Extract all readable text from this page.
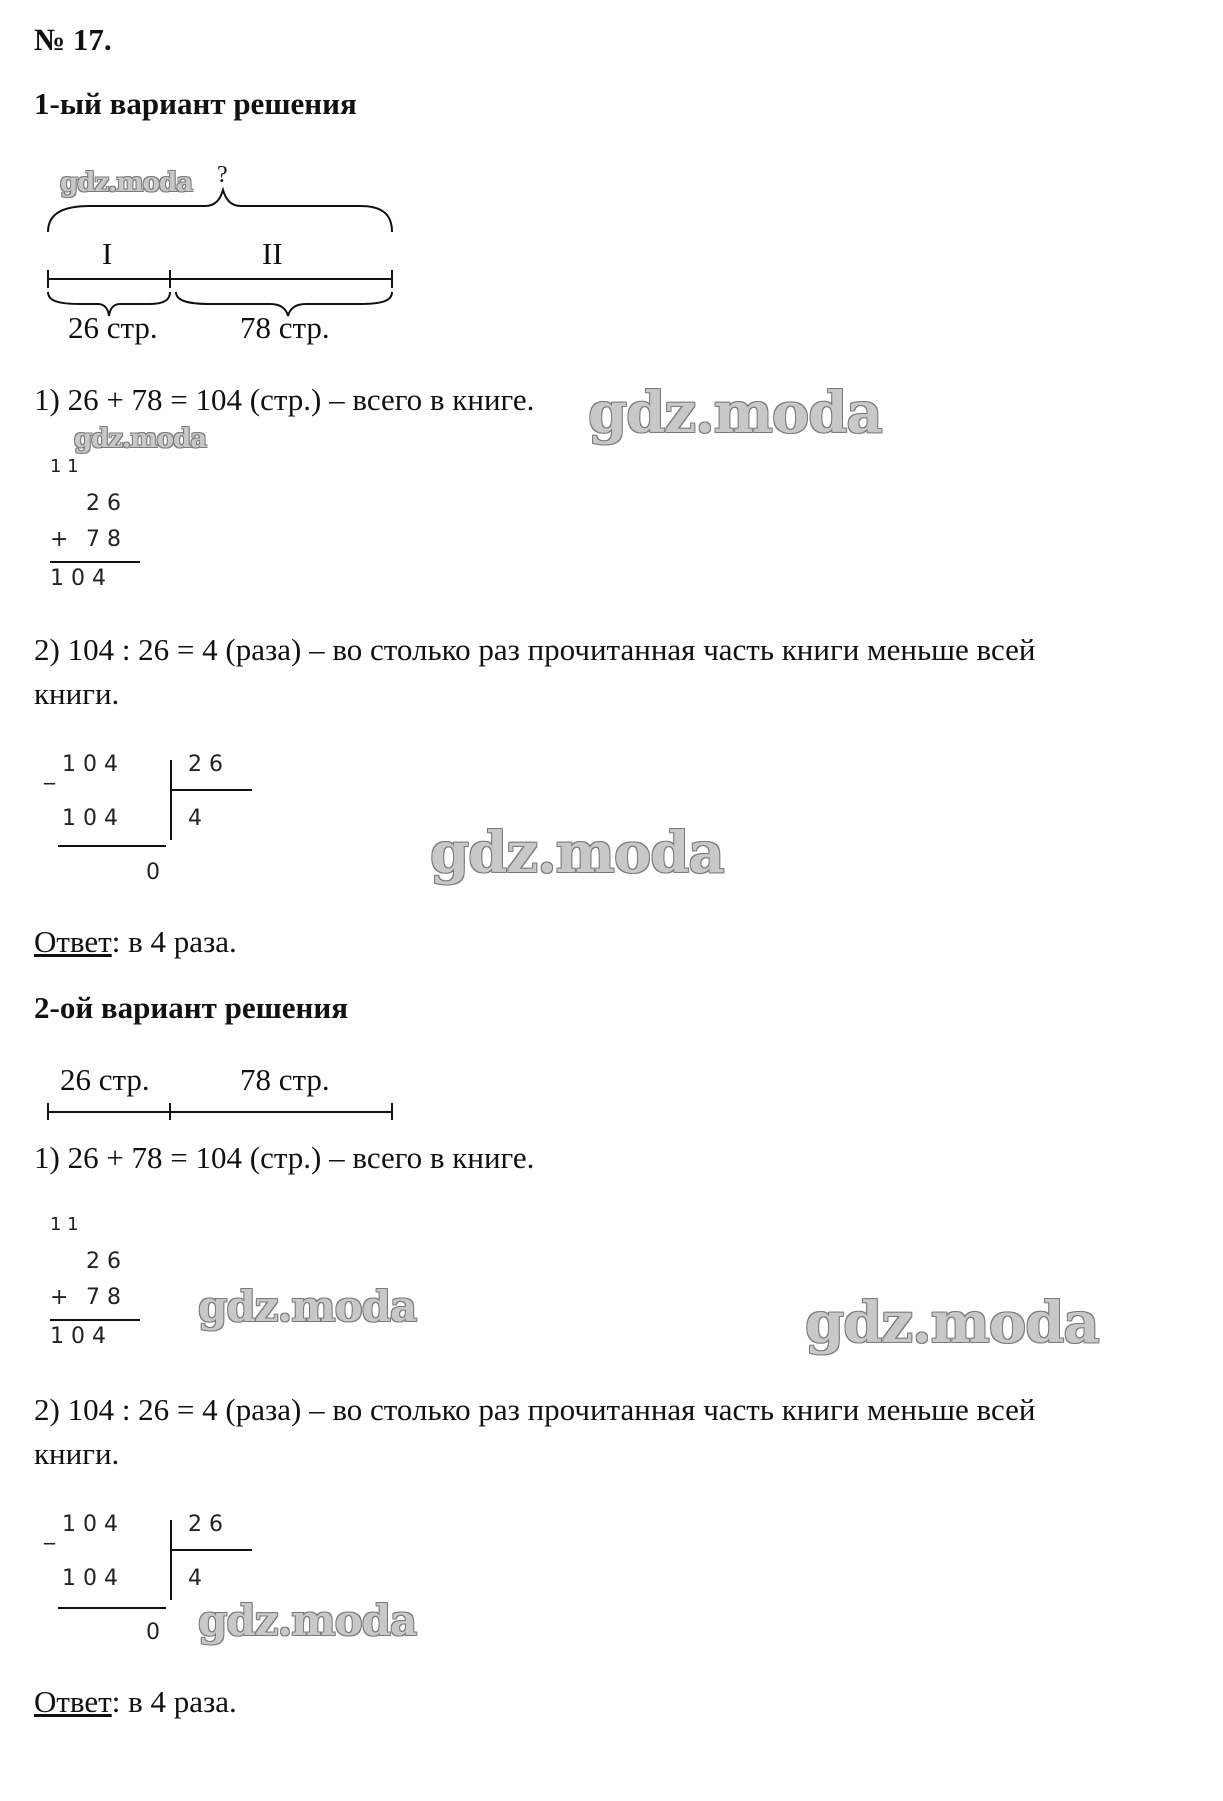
№ 17.
1-ый вариант решения
gdz.moda ?
I	II
26 стр.	78 стр.
1) 26 + 78 = 104 (стр.) – всего в книге. gdz.moda
gdz.moda
1 1
2 6
+ 7 8
1 0 4
2) 104 : 26 = 4 (раза) – во столько раз прочитанная часть книги меньше всей
книги.
_ 1 0 4	2 6
1 0 4	4
0	gdz.moda
Ответ: в 4 раза.
2-ой вариант решения
26 стр.	78 стр.
1) 26 + 78 = 104 (стр.) – всего в книге.
1 1
2 6
+ 7 8
1 0 4
gdz.moda	gdz.moda
2) 104 : 26 = 4 (раза) – во столько раз прочитанная часть книги меньше всей
книги.
_ 1 0 4	2 6
1 0 4	4
0 gdz.moda
Ответ: в 4 раза.
